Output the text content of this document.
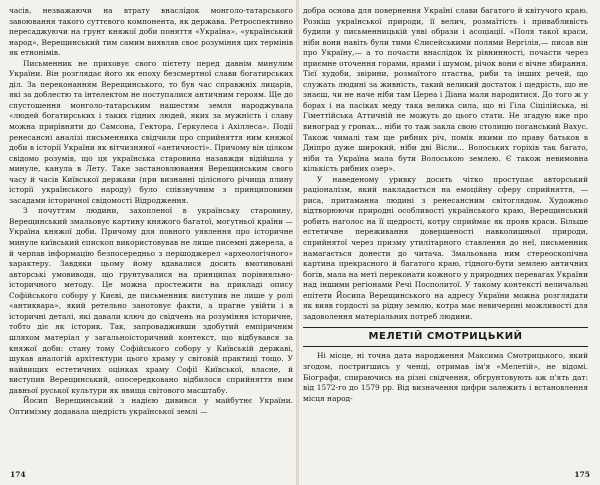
часів, незважаючи на втрату внаслідок монголо-татарського завоювання такого суттєвого компонента, як держава. Ретроспективно пересаджуючи на грунт княжої доби поняття «Україна», «український народ», Верещинський тим самим виявляв своє розуміння цих термінів як етнонімів.

Письменник не приховує свого пієтету перед давнім минулим України. Він розглядає його як епоху безсмертної слави богатирських діл. За переконанням Верещинського, то був час справжніх лицарів, які за доблестю та інтелектом не поступалися античним героям. Ще до спустошення монголо-татарським нашестям земля народжувала «людей богатирських і таких гідних людей, яких за мужність і славу можна прирівняти до Самсона, Гектора, Геркулеса і Ахіллеса». Події ренесансні аналізі письменника свідчили про сприйняття ним княжої доби в історії України як вітчизняної «античності». Причому він цілком свідомо розумів, що ця українська старовина назавжди відійшла у минуле, канула в Лету. Таке застановлювання Верещинським свого часу й часів Київської держави (при визнанні цілісного річища плину історії українського народу) було співзвучним з принциповими засадами історичної свідомості Відродження.

З почуттям людини, захопленої в українську старовину, Верещинський змальовує картину княжого багатої, могутньої країни — Україна княжої доби. Причому для повного уявлення про історичне минуле київський єпископ використовував не лише писемні джерела, а й черпав інформацію безпосередньо з першоджерел «археологічного» характеру. Завдяки цьому йому вдавалися досить вмотивовані авторські умовиводи, що грунтувалися на принципах порівняльно-історичного методу. Це можна простежити на прикладі опису Софійського собору у Києві, де письменник виступив не лише у ролі «антиквара», який ретельно занотовує факти, а прагне увійти і в історичні деталі, які давали ключ до свідчень на розуміння історичне, тобто діє як історик. Так, запровадживши здобутий емпіричним шляхом матеріал у загальноісторичний контекст, що відбувався за княжої доби: стану тому Софійського собору у Київській державі, шукав аналогій архітектури цього храму у світовій практиці тощо. У найвищих естетичних оцінках храму Софії Київської, власне, й виступив Верещинський, опосередковано відбилося сприйняття ним давньої руської культури як явища світового масштабу.

Йосип Верещинський з надією дивився у майбутнє України. Оптимізму додавала щедрість української землі —

добра основа для повернення Україні слави багатого й квітучого краю. Розкіш української природи, її велич, розмаїтість і привабливість будили у письменницькій уяві образи і асоціації. «Поля такої краси, ніби вони навіть були тими Єлисейськими полями Вергілія,— писав він про Україну,— а то почасти внаслідок їх рівнинності, почасти через приємне оточення горами, ярами і шумом, річок вони є вічне збирання. Тієї худоби, звірини, розмаїтого птаства, риби та інших речей, що служать людині за живність, такий великий достаток і щедрість, що не знаєш, чи не наче ніби там Цереа і Діана мали народитися. До того ж у борах і на пасіках меду така велика сила, що ні Гіла Сіцілійська, ні Гіметтійська Аттичній не можуть до цього стати. Не згадую вже про виноград у гронах... ніби то таж закла свою столицю поганський Вахус. Також чималі там ще рибних річ, помік якими по праву батьков в Дніпро дуже широкий, ніби дві Вісли... Волоських горіхів так багато, ніби та Україна мала бути Волоською землею. Є також невимовна кількість рибних озер».

У наведеному уривку досить чітко проступає авторський раціоналізм, який накладається на емоційну сферу сприйняття, — риса, притаманна людині з ренесансним світоглядом. Художньо відтворюючи природні особливості українського краю, Верещинський робить наголос на її щедрості, котру сприймає як прояв краси. Більше естетичне переживання довершеності навколишньої природи, сприйнятої через призму утилітарного ставлення до неї, письменник намагається донести до читача. Змальована ним стереоскопічна картина прекрасного й багатого краю, гідного-бути землею античних богів, мала на меті переконати кожного у природних перевагах України над іншими регіонами Речі Посполитої. У такому контексті величальні епітети Йосипа Верещинського на адресу України можна розглядати як вияв гордості за рідну землю, котра має невичерпні можливості для задоволення матеріальних потреб людини.

МЕЛЕТІЙ СМОТРИЦЬКИЙ

Ні місце, ні точна дата народження Максима Смотрицького, який згодом, постригшись у ченці, отримав ім'я «Мелетій», не відомі. Біографи, спираючись на різні свідчення, обгрунтовують аж п'ять дат: від 1572-го до 1579 рр. Від визначення цифри залежить і встановлення місця народ-

174	175
